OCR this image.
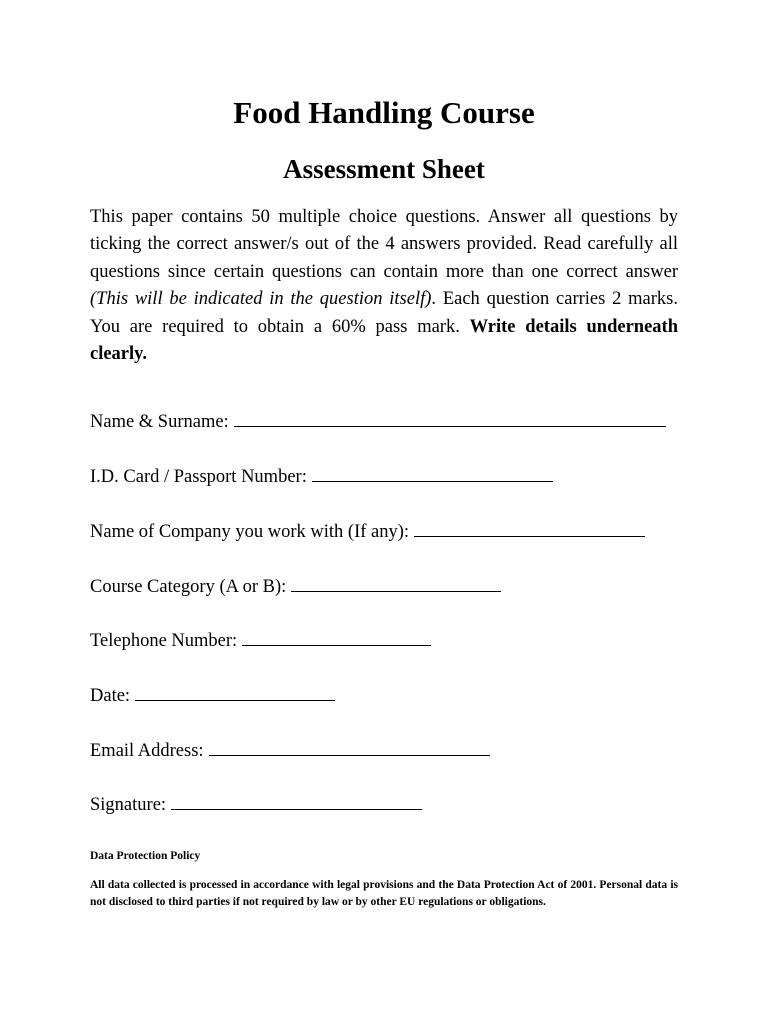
Food Handling Course
Assessment Sheet

This paper contains 50 multiple choice questions. Answer all questions by ticking the correct answer/s out of the 4 answers provided. Read carefully all questions since certain questions can contain more than one correct answer (This will be indicated in the question itself). Each question carries 2 marks. You are required to obtain a 60% pass mark. Write details underneath clearly.

Name & Surname:
I.D. Card / Passport Number:
Name of Company you work with (If any):
Course Category (A or B):
Telephone Number:
Date:
Email Address:
Signature:
Data Protection Policy

All data collected is processed in accordance with legal provisions and the Data Protection Act of 2001. Personal data is not disclosed to third parties if not required by law or by other EU regulations or obligations.
